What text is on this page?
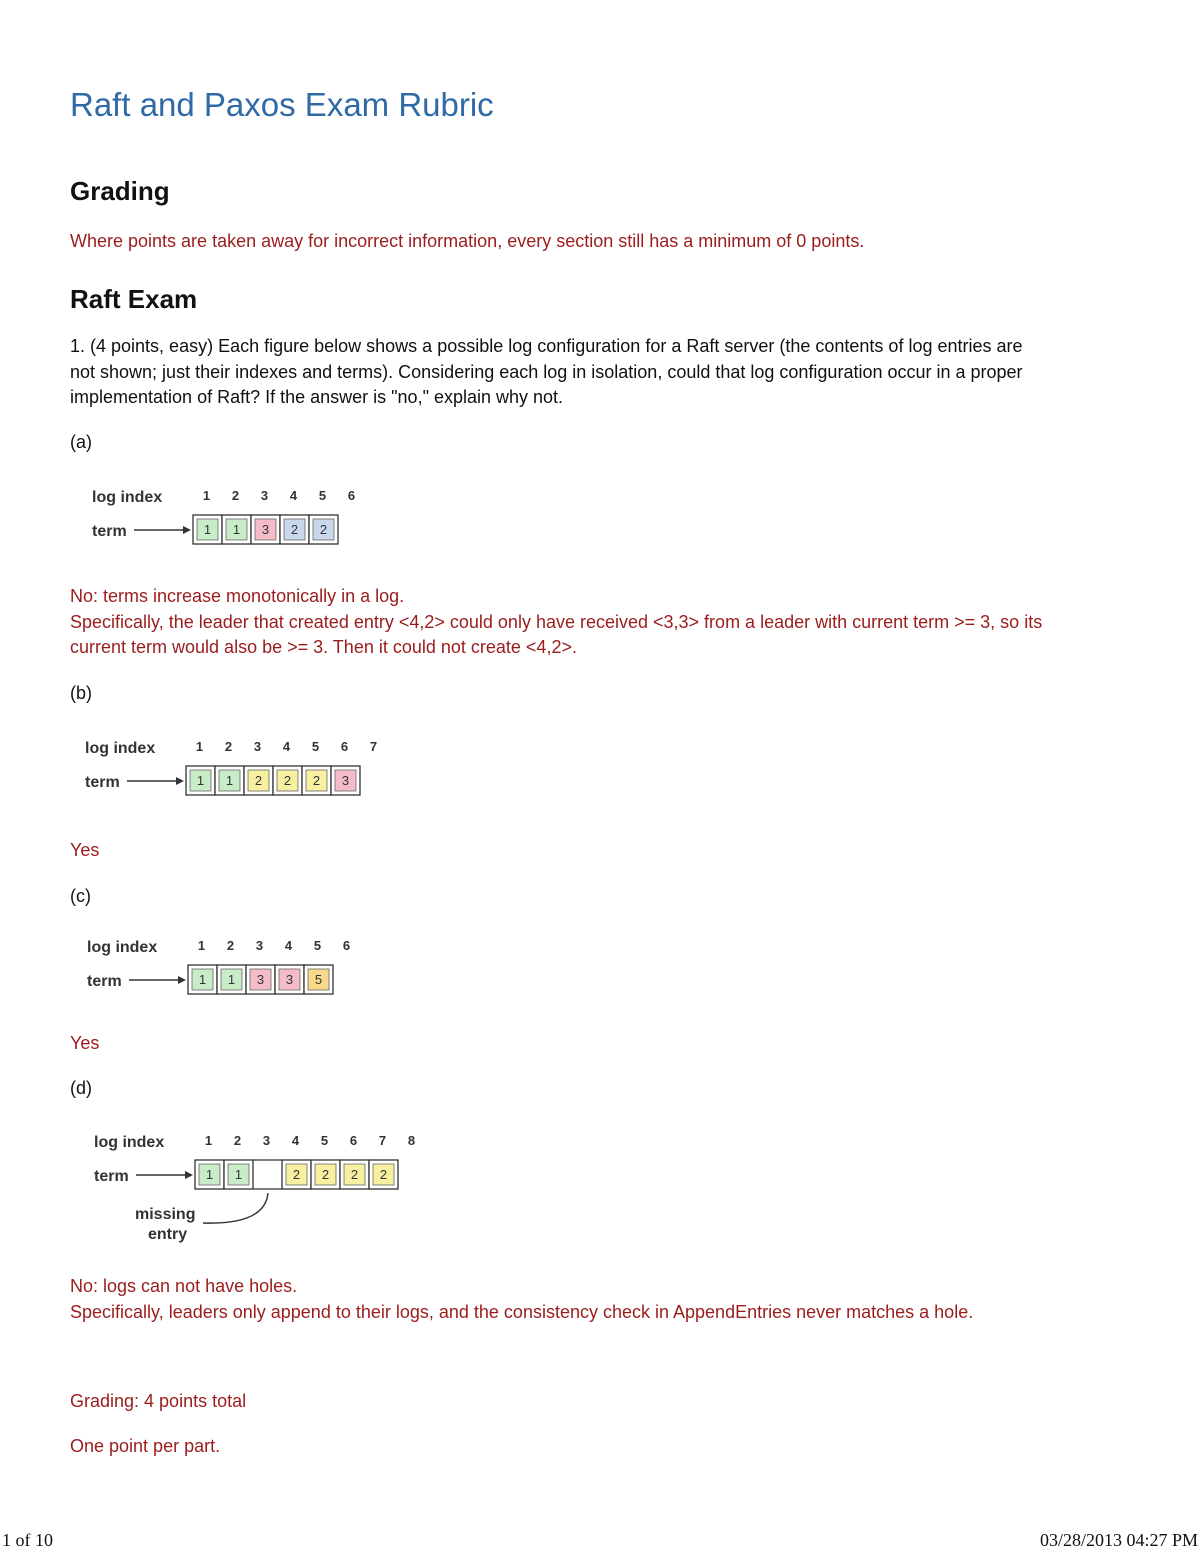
Raft and Paxos Exam Rubric
Grading
Where points are taken away for incorrect information, every section still has a minimum of 0 points.
Raft Exam
1. (4 points, easy) Each figure below shows a possible log configuration for a Raft server (the contents of log entries are
not shown; just their indexes and terms). Considering each log in isolation, could that log configuration occur in a proper
implementation of Raft? If the answer is "no," explain why not.
(a)
log index
term
1 2 3 4 5 6
1 1 3 2 2
No: terms increase monotonically in a log.
Specifically, the leader that created entry <4,2> could only have received <3,3> from a leader with current term >= 3, so its
current term would also be >= 3. Then it could not create <4,2>.
(b)
log index
term
1 2 3 4 5 6 7
1 1 2 2 2 3
Yes
(c)
log index
term
1 2 3 4 5 6
1 1 3 3 5
Yes
(d)
log index
term
1 2 3 4 5 6 7 8
1 1	2 2 2 2
missing
entry
No: logs can not have holes.
Specifically, leaders only append to their logs, and the consistency check in AppendEntries never matches a hole.
Grading: 4 points total
One point per part.
1 of 10	03/28/2013 04:27 PM
